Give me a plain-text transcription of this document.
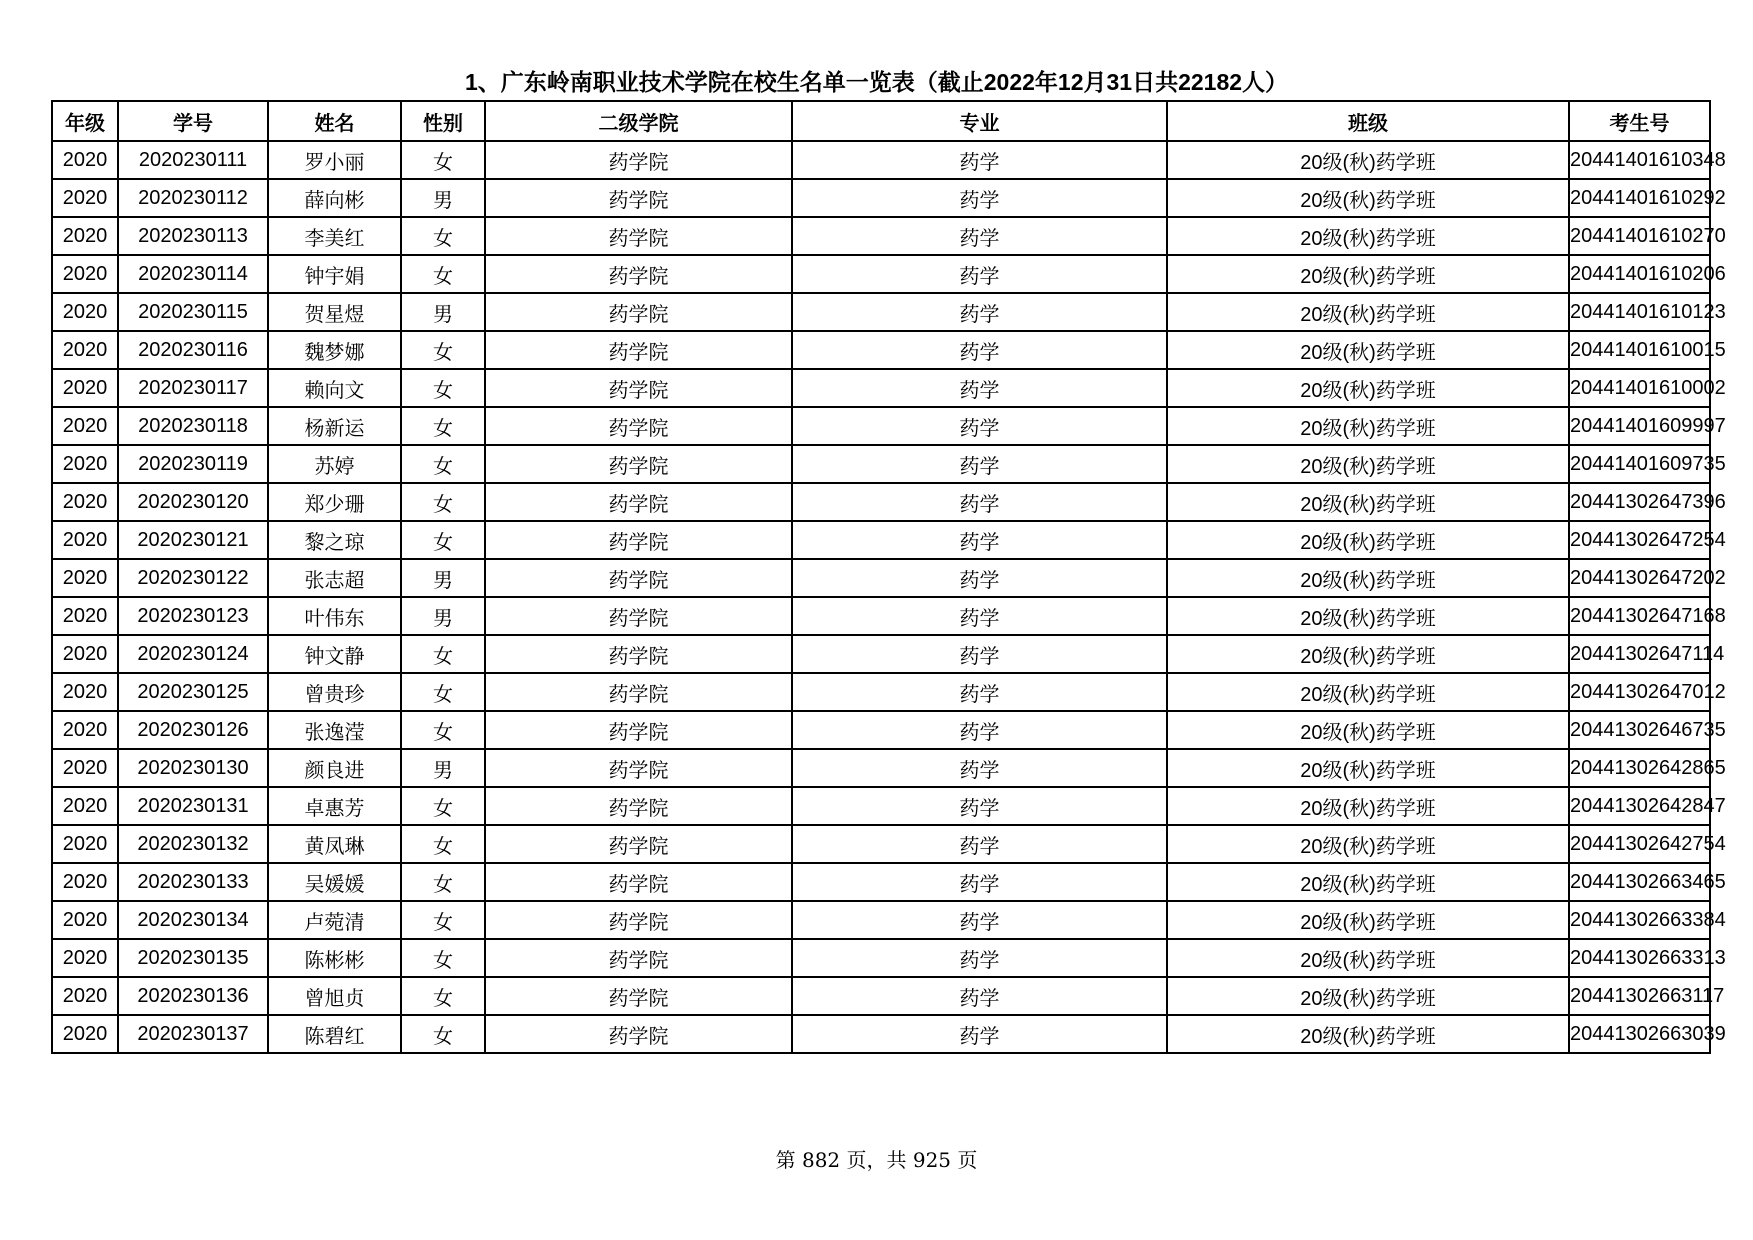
1、广东岭南职业技术学院在校生名单一览表（截止2022年12月31日共22182人）
年级	学号	姓名	性别	二级学院	专业	班级	考生号
2020	2020230111	罗小丽	女	药学院	药学	20级(秋)药学班	20441401610348
2020	2020230112	薛向彬	男	药学院	药学	20级(秋)药学班	20441401610292
2020	2020230113	李美红	女	药学院	药学	20级(秋)药学班	20441401610270
2020	2020230114	钟宇娟	女	药学院	药学	20级(秋)药学班	20441401610206
2020	2020230115	贺星煜	男	药学院	药学	20级(秋)药学班	20441401610123
2020	2020230116	魏梦娜	女	药学院	药学	20级(秋)药学班	20441401610015
2020	2020230117	赖向文	女	药学院	药学	20级(秋)药学班	20441401610002
2020	2020230118	杨新运	女	药学院	药学	20级(秋)药学班	20441401609997
2020	2020230119	苏婷	女	药学院	药学	20级(秋)药学班	20441401609735
2020	2020230120	郑少珊	女	药学院	药学	20级(秋)药学班	20441302647396
2020	2020230121	黎之琼	女	药学院	药学	20级(秋)药学班	20441302647254
2020	2020230122	张志超	男	药学院	药学	20级(秋)药学班	20441302647202
2020	2020230123	叶伟东	男	药学院	药学	20级(秋)药学班	20441302647168
2020	2020230124	钟文静	女	药学院	药学	20级(秋)药学班	20441302647114
2020	2020230125	曾贵珍	女	药学院	药学	20级(秋)药学班	20441302647012
2020	2020230126	张逸滢	女	药学院	药学	20级(秋)药学班	20441302646735
2020	2020230130	颜良进	男	药学院	药学	20级(秋)药学班	20441302642865
2020	2020230131	卓惠芳	女	药学院	药学	20级(秋)药学班	20441302642847
2020	2020230132	黄凤琳	女	药学院	药学	20级(秋)药学班	20441302642754
2020	2020230133	吴媛媛	女	药学院	药学	20级(秋)药学班	20441302663465
2020	2020230134	卢菀清	女	药学院	药学	20级(秋)药学班	20441302663384
2020	2020230135	陈彬彬	女	药学院	药学	20级(秋)药学班	20441302663313
2020	2020230136	曾旭贞	女	药学院	药学	20级(秋)药学班	20441302663117
2020	2020230137	陈碧红	女	药学院	药学	20级(秋)药学班	20441302663039
第 882 页，共 925 页
